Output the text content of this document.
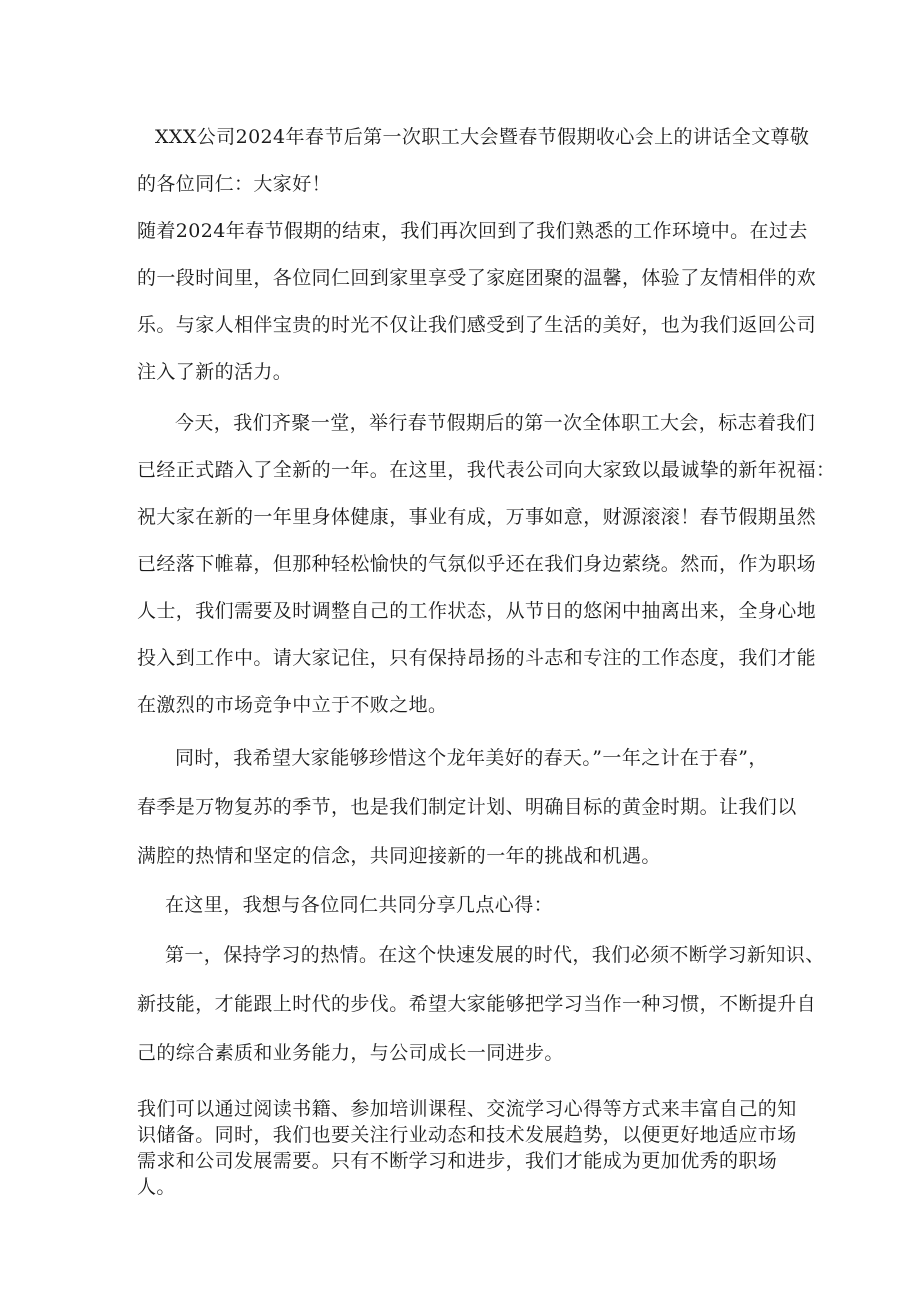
XXX公司2024年春节后第一次职工大会暨春节假期收心会上的讲话全文尊敬
的各位同仁：大家好！
随着2024年春节假期的结束，我们再次回到了我们熟悉的工作环境中。在过去
的一段时间里，各位同仁回到家里享受了家庭团聚的温馨，体验了友情相伴的欢
乐。与家人相伴宝贵的时光不仅让我们感受到了生活的美好，也为我们返回公司
注入了新的活力。
今天，我们齐聚一堂，举行春节假期后的第一次全体职工大会，标志着我们
已经正式踏入了全新的一年。在这里，我代表公司向大家致以最诚挚的新年祝福：
祝大家在新的一年里身体健康，事业有成，万事如意，财源滚滚！春节假期虽然
已经落下帷幕，但那种轻松愉快的气氛似乎还在我们身边萦绕。然而，作为职场
人士，我们需要及时调整自己的工作状态，从节日的悠闲中抽离出来，全身心地
投入到工作中。请大家记住，只有保持昂扬的斗志和专注的工作态度，我们才能
在激烈的市场竞争中立于不败之地。
同时，我希望大家能够珍惜这个龙年美好的春天。”一年之计在于春”，
春季是万物复苏的季节，也是我们制定计划、明确目标的黄金时期。让我们以
满腔的热情和坚定的信念，共同迎接新的一年的挑战和机遇。
在这里，我想与各位同仁共同分享几点心得：
第一，保持学习的热情。在这个快速发展的时代，我们必须不断学习新知识、
新技能，才能跟上时代的步伐。希望大家能够把学习当作一种习惯，不断提升自
己的综合素质和业务能力，与公司成长一同进步。

我们可以通过阅读书籍、参加培训课程、交流学习心得等方式来丰富自己的知识储备。同时，我们也要关注行业动态和技术发展趋势，以便更好地适应市场需求和公司发展需要。只有不断学习和进步，我们才能成为更加优秀的职场人。
